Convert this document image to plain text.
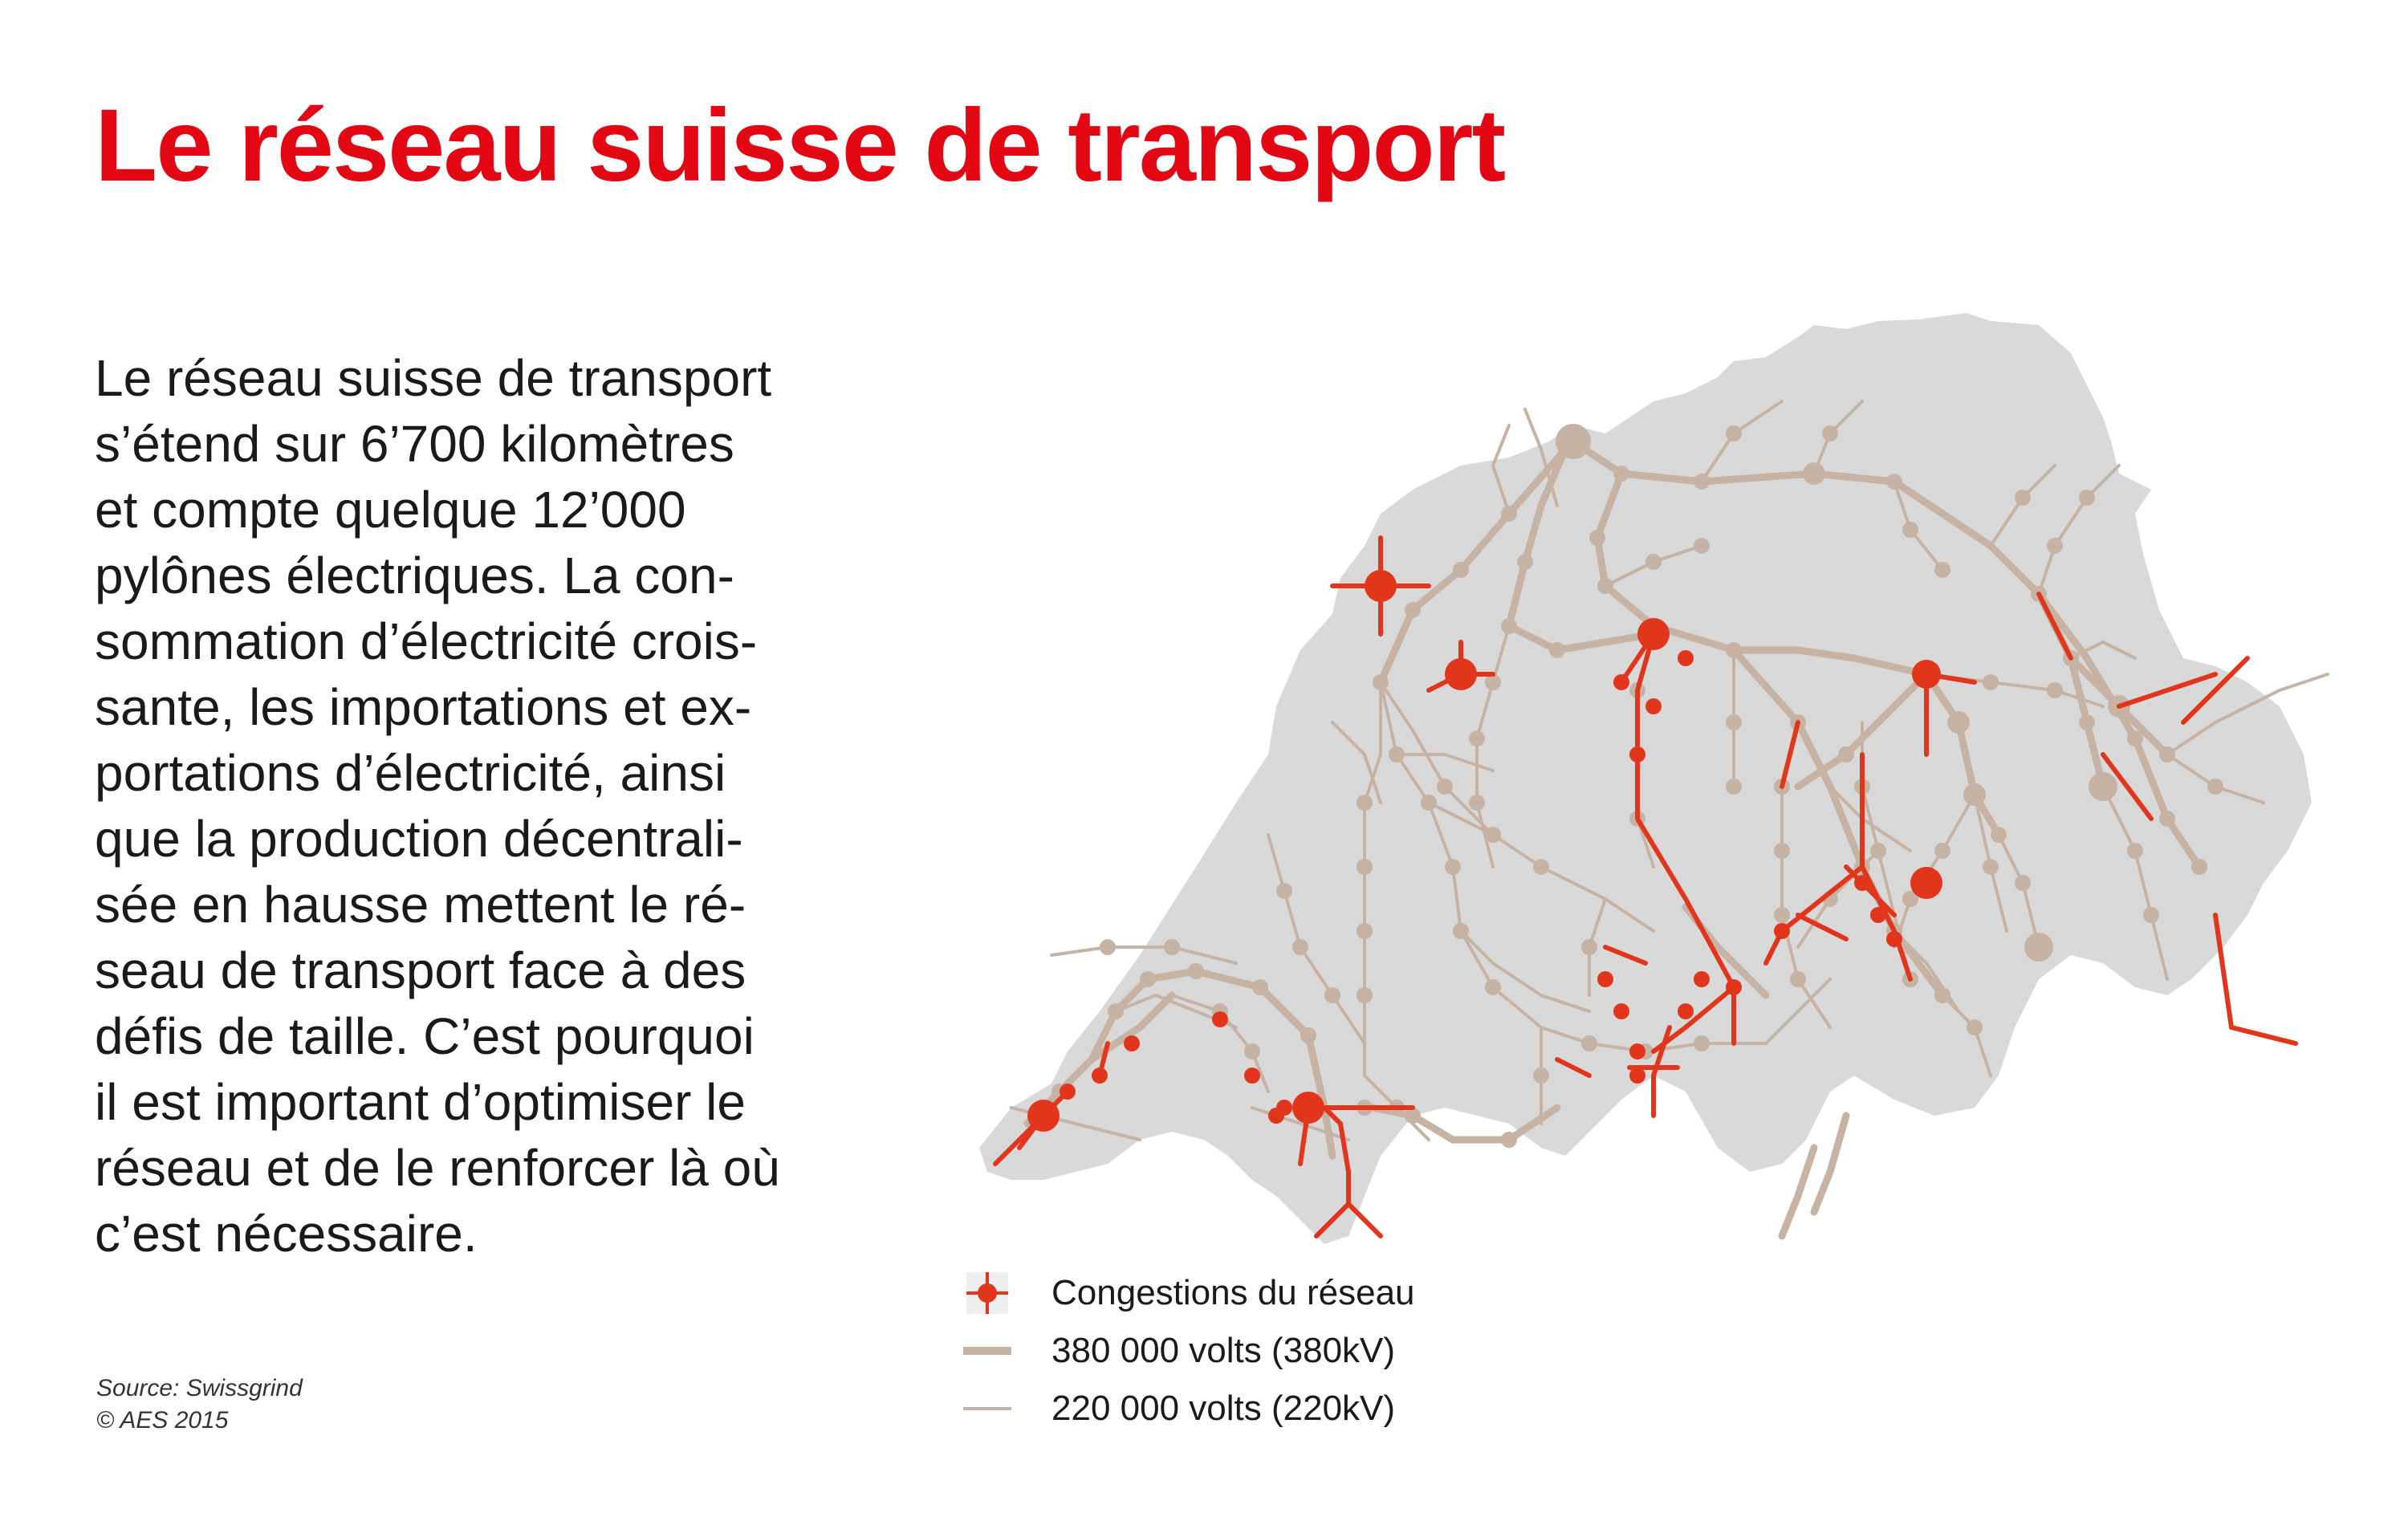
Le réseau suisse de transport

Le réseau suisse de transport
s’étend sur 6’700 kilomètres
et compte quelque 12’000
pylônes électriques. La con-
sommation d’électricité crois-
sante, les importations et ex-
portations d’électricité, ainsi
que la production décentrali-
sée en hausse mettent le ré-
seau de transport face à des
défis de taille. C’est pourquoi
il est important d’optimiser le
réseau et de le renforcer là où
c’est nécessaire.

Source: Swissgrind
© AES 2015
Congestions du réseau
380 000 volts (380kV)
220 000 volts (220kV)
